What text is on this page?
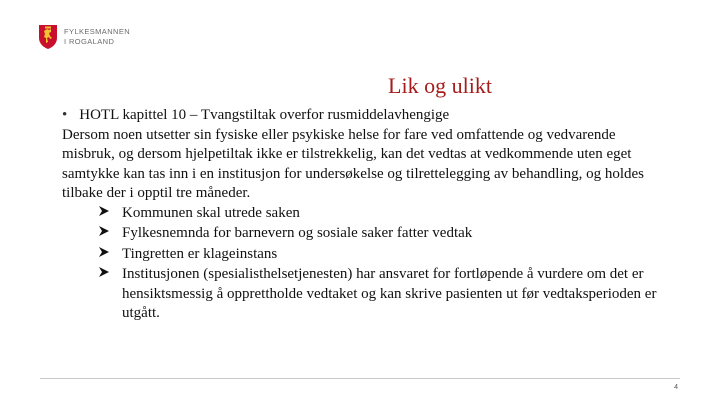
FYLKESMANNEN
I ROGALAND
Lik og ulikt
• HOTL kapittel 10 – Tvangstiltak overfor rusmiddelavhengige

Dersom noen utsetter sin fysiske eller psykiske helse for fare ved omfattende og vedvarende misbruk, og dersom hjelpetiltak ikke er tilstrekkelig, kan det vedtas at vedkommende uten eget samtykke kan tas inn i en institusjon for undersøkelse og tilrettelegging av behandling, og holdes tilbake der i opptil tre måneder.

Kommunen skal utrede saken
Fylkesnemnda for barnevern og sosiale saker fatter vedtak
Tingretten er klageinstans
Institusjonen (spesialisthelsetjenesten) har ansvaret for fortløpende å vurdere om det er hensiktsmessig å opprettholde vedtaket og kan skrive pasienten ut før vedtaksperioden er utgått.
4
